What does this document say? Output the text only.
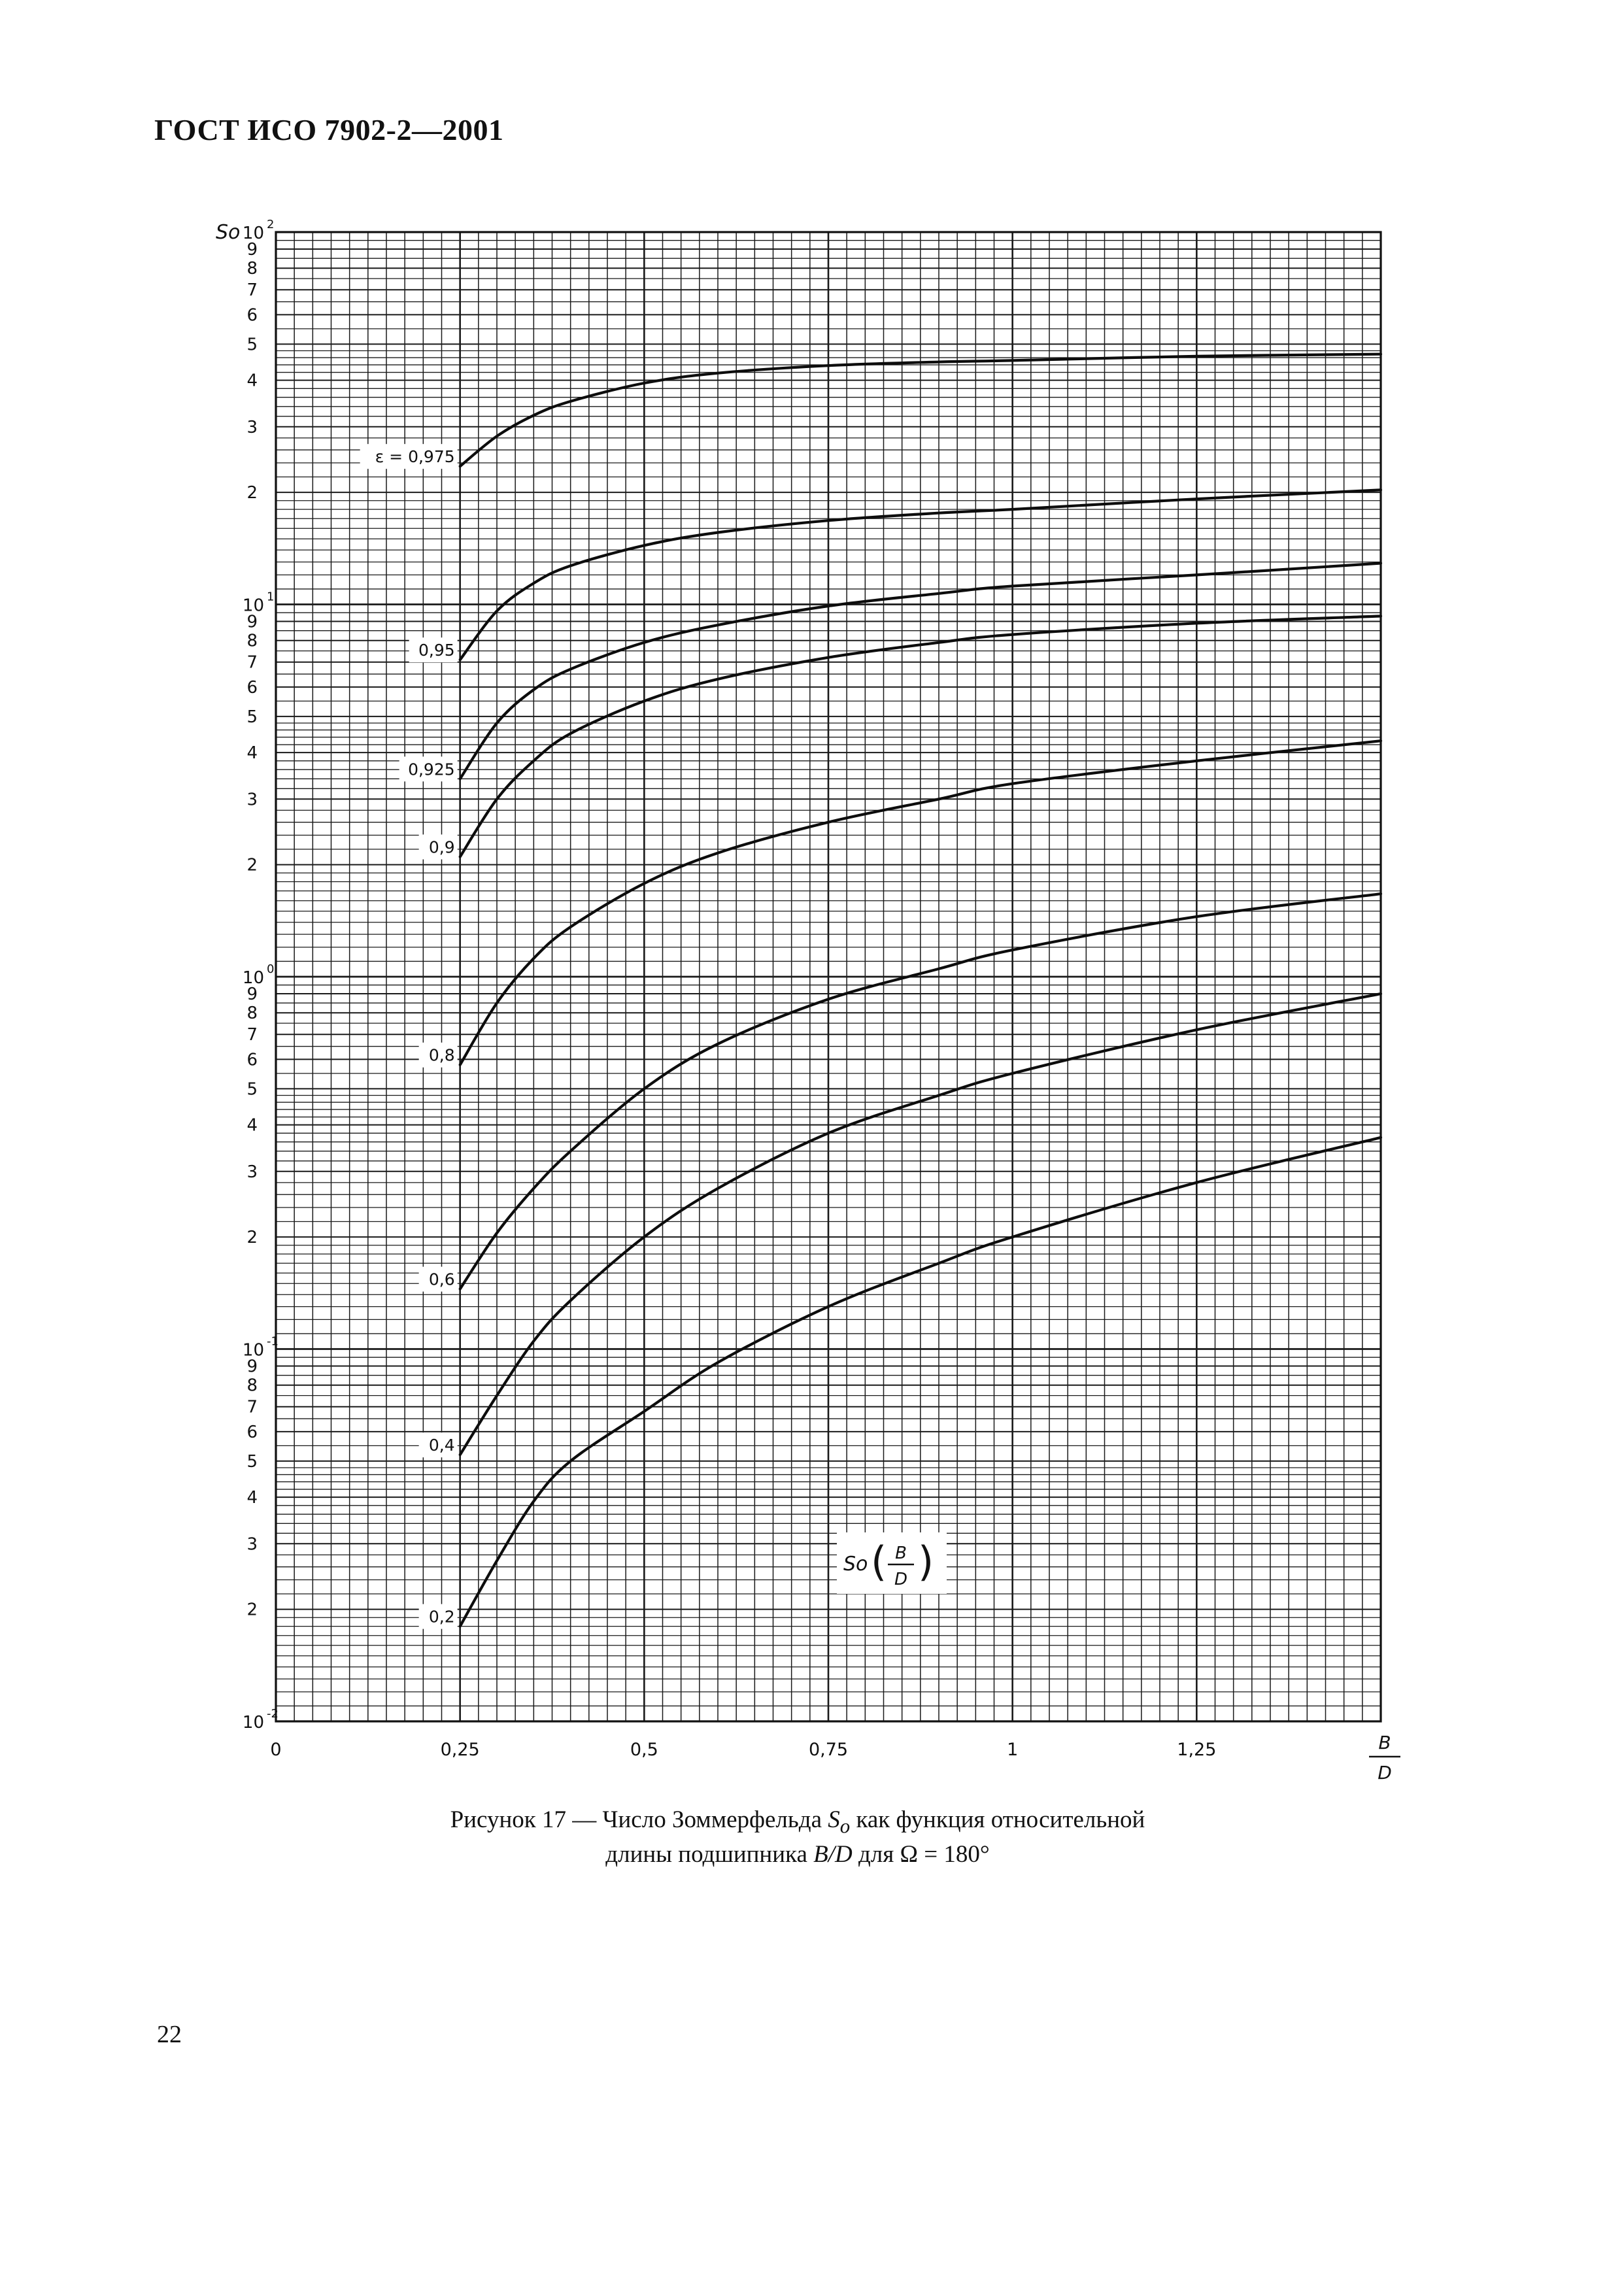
ГОСТ ИСО 7902-2—2001
10 -2
2
3
4
5
6
7
8
9
10 -1
2
3
4
5
6
7
8
9
10 0
2
3
4
5
6
7
8
9
10 1
2
3
4
5
6
7
8
9
10 2
So
0	0,25	0,5	0,75	1	1,25	B
D
ε = 0,975
0,95
0,925
0,9
0,8
0,6
0,4
0,2
So ( B
D )
Рисунок 17 — Число Зоммерфельда $S_o$ как функция относительной
длины подшипника B/D для Ω = 180°
22
